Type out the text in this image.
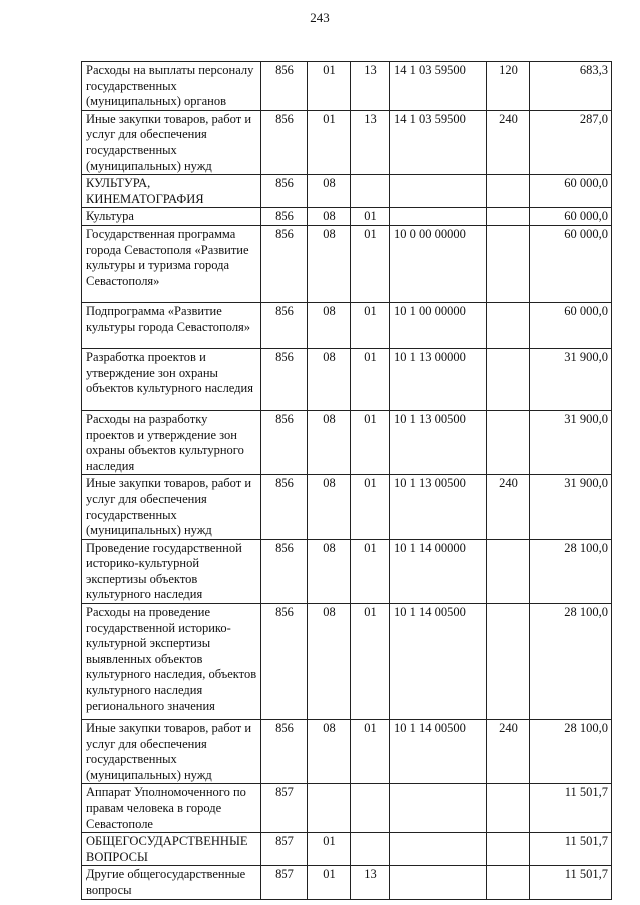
243
Расходы на выплаты персоналу государственных (муниципальных) органов	856	01	13	14 1 03 59500	120	683,3
Иные закупки товаров, работ и услуг для обеспечения государственных (муниципальных) нужд	856	01	13	14 1 03 59500	240	287,0
КУЛЬТУРА, КИНЕМАТОГРАФИЯ	856	08				60 000,0
Культура	856	08	01			60 000,0
Государственная программа города Севастополя «Развитие культуры и туризма города Севастополя»	856	08	01	10 0 00 00000		60 000,0
Подпрограмма «Развитие культуры города Севастополя»	856	08	01	10 1 00 00000		60 000,0
Разработка проектов и утверждение зон охраны объектов культурного наследия	856	08	01	10 1 13 00000		31 900,0
Расходы на разработку проектов и утверждение зон охраны объектов культурного наследия	856	08	01	10 1 13 00500		31 900,0
Иные закупки товаров, работ и услуг для обеспечения государственных (муниципальных) нужд	856	08	01	10 1 13 00500	240	31 900,0
Проведение государственной историко-культурной экспертизы объектов культурного наследия	856	08	01	10 1 14 00000		28 100,0
Расходы на проведение государственной историко-культурной экспертизы выявленных объектов культурного наследия, объектов культурного наследия регионального значения	856	08	01	10 1 14 00500		28 100,0
Иные закупки товаров, работ и услуг для обеспечения государственных (муниципальных) нужд	856	08	01	10 1 14 00500	240	28 100,0
Аппарат Уполномоченного по правам человека в городе Севастополе	857					11 501,7
ОБЩЕГОСУДАРСТВЕННЫЕ ВОПРОСЫ	857	01				11 501,7
Другие общегосударственные вопросы	857	01	13			11 501,7
